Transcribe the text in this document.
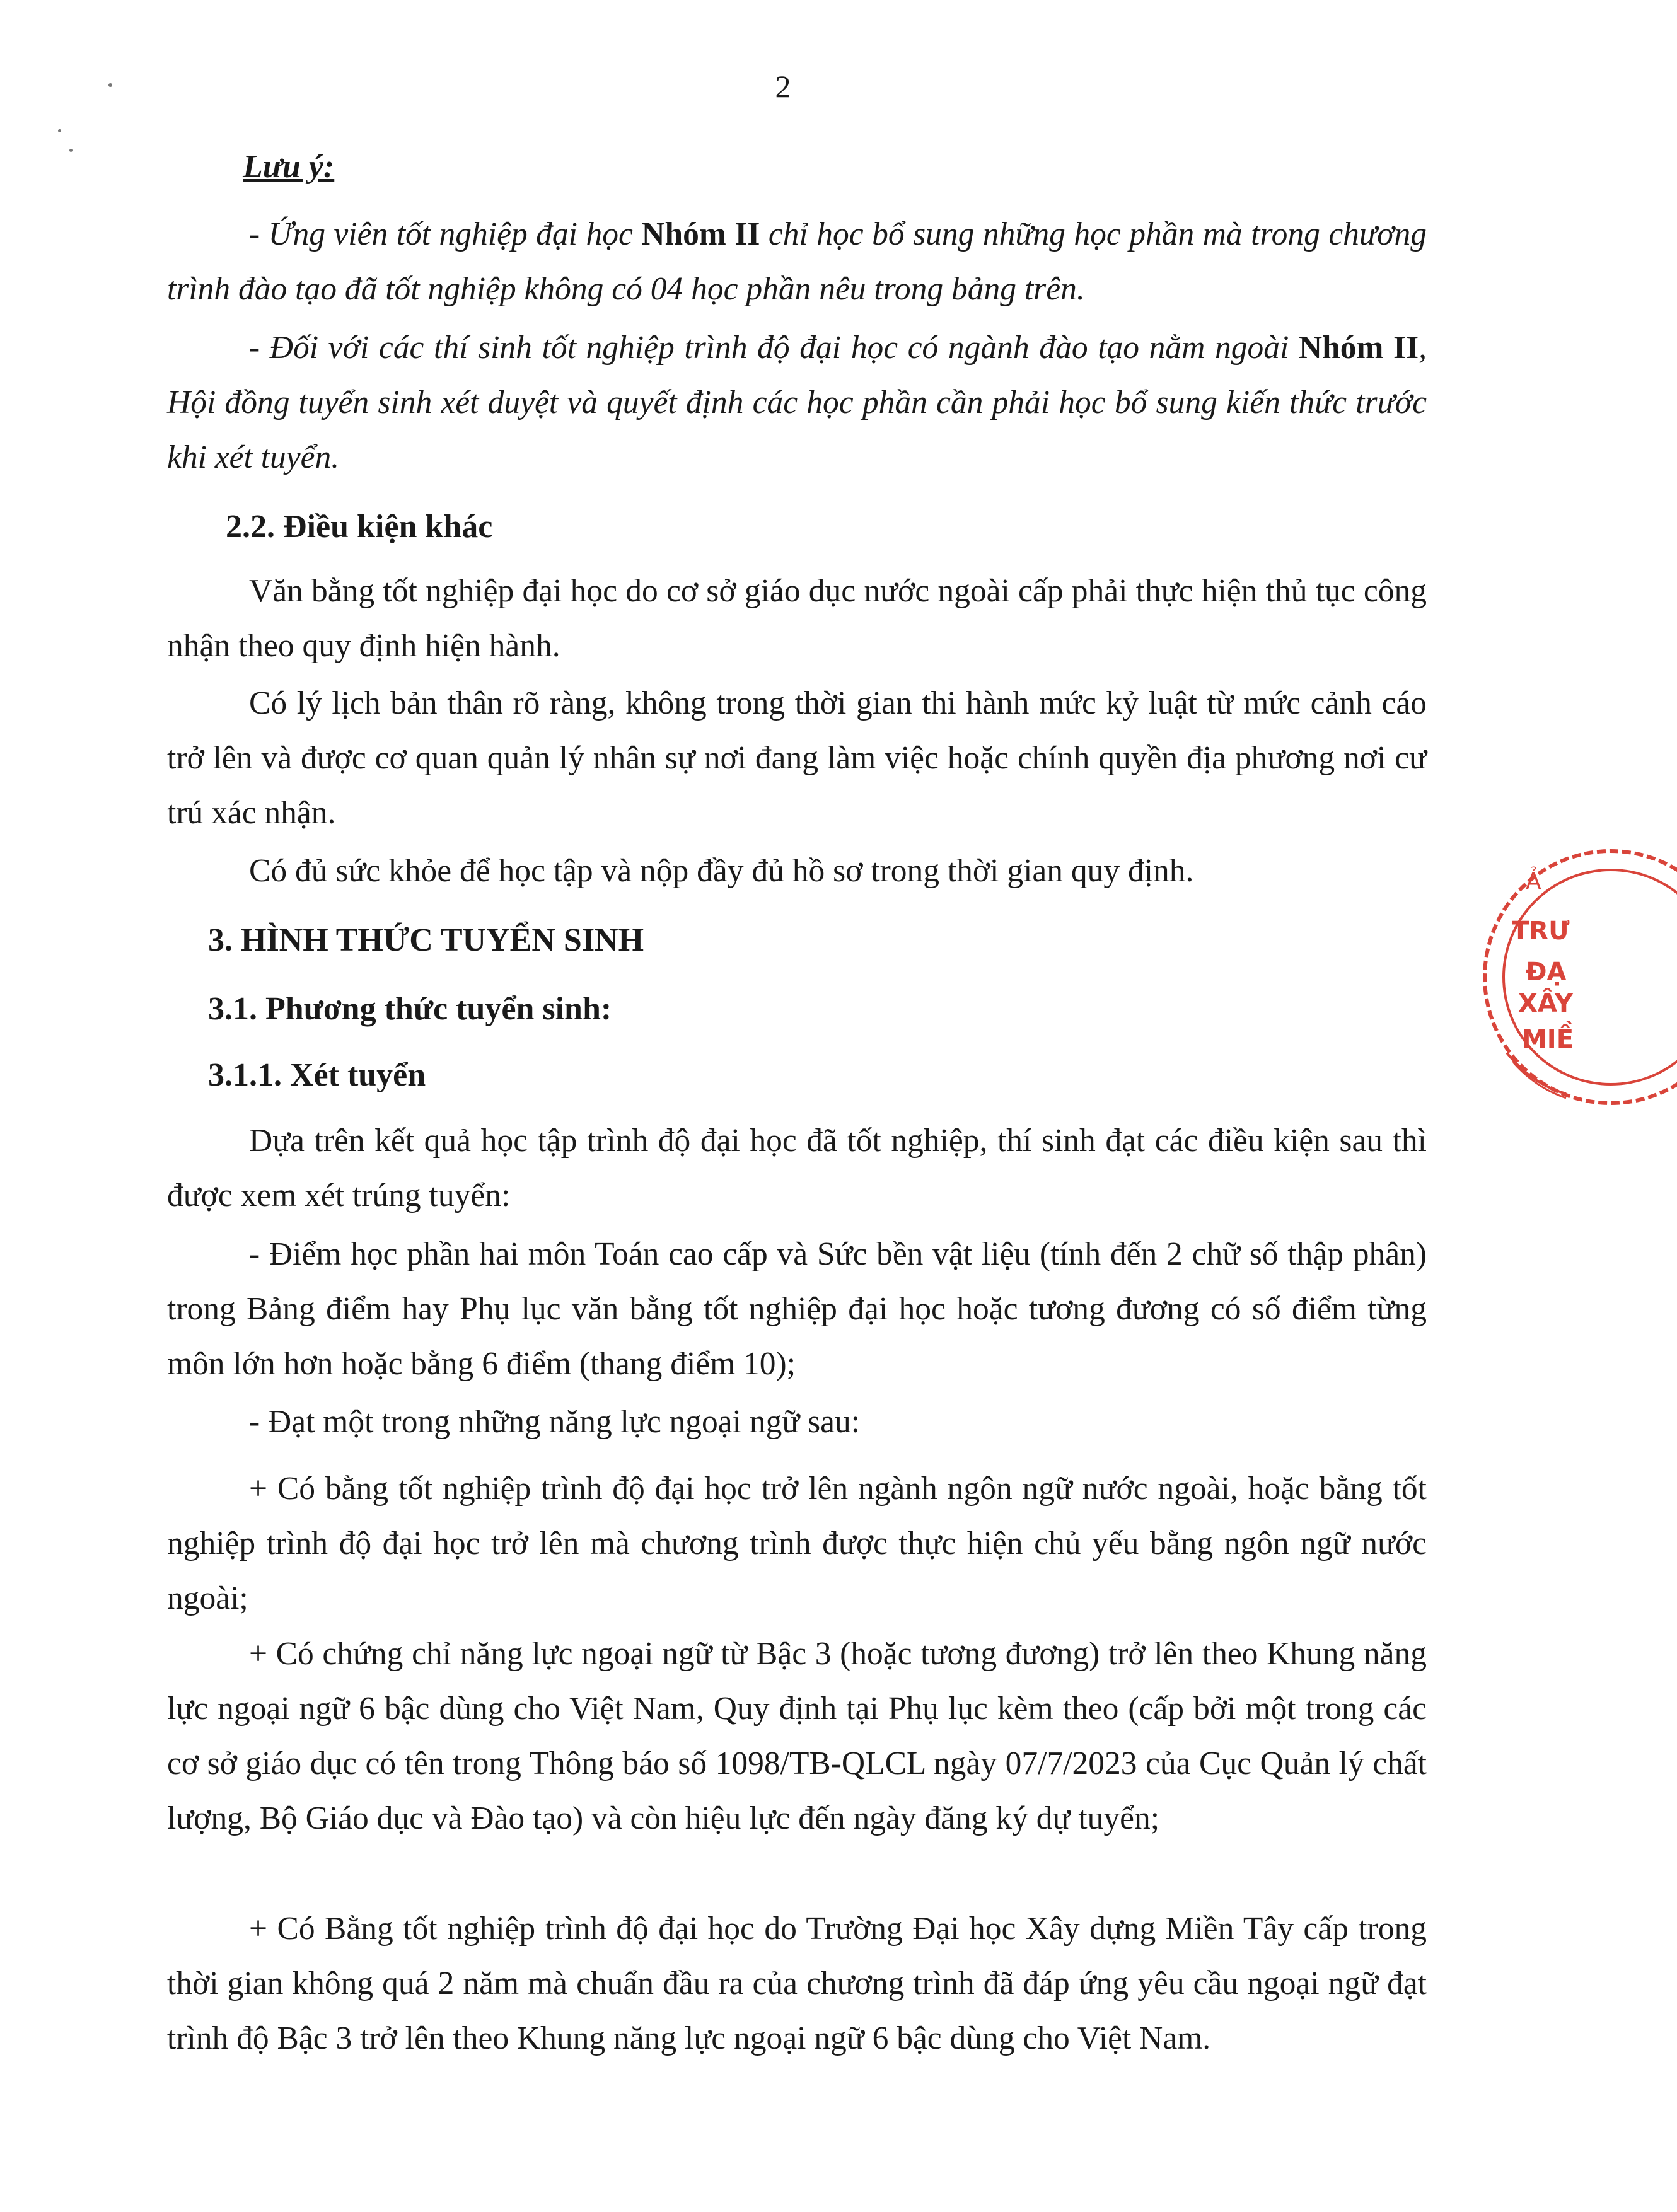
2

Lưu ý:

- Ứng viên tốt nghiệp đại học Nhóm II chỉ học bổ sung những học phần mà trong chương trình đào tạo đã tốt nghiệp không có 04 học phần nêu trong bảng trên.

- Đối với các thí sinh tốt nghiệp trình độ đại học có ngành đào tạo nằm ngoài Nhóm II, Hội đồng tuyển sinh xét duyệt và quyết định các học phần cần phải học bổ sung kiến thức trước khi xét tuyển.

2.2. Điều kiện khác

Văn bằng tốt nghiệp đại học do cơ sở giáo dục nước ngoài cấp phải thực hiện thủ tục công nhận theo quy định hiện hành.

Có lý lịch bản thân rõ ràng, không trong thời gian thi hành mức kỷ luật từ mức cảnh cáo trở lên và được cơ quan quản lý nhân sự nơi đang làm việc hoặc chính quyền địa phương nơi cư trú xác nhận.

Có đủ sức khỏe để học tập và nộp đầy đủ hồ sơ trong thời gian quy định.

3. HÌNH THỨC TUYỂN SINH

3.1. Phương thức tuyển sinh:

3.1.1. Xét tuyển

Dựa trên kết quả học tập trình độ đại học đã tốt nghiệp, thí sinh đạt các điều kiện sau thì được xem xét trúng tuyển:

- Điểm học phần hai môn Toán cao cấp và Sức bền vật liệu (tính đến 2 chữ số thập phân) trong Bảng điểm hay Phụ lục văn bằng tốt nghiệp đại học hoặc tương đương có số điểm từng môn lớn hơn hoặc bằng 6 điểm (thang điểm 10);

- Đạt một trong những năng lực ngoại ngữ sau:

+ Có bằng tốt nghiệp trình độ đại học trở lên ngành ngôn ngữ nước ngoài, hoặc bằng tốt nghiệp trình độ đại học trở lên mà chương trình được thực hiện chủ yếu bằng ngôn ngữ nước ngoài;

+ Có chứng chỉ năng lực ngoại ngữ từ Bậc 3 (hoặc tương đương) trở lên theo Khung năng lực ngoại ngữ 6 bậc dùng cho Việt Nam, Quy định tại Phụ lục kèm theo (cấp bởi một trong các cơ sở giáo dục có tên trong Thông báo số 1098/TB-QLCL ngày 07/7/2023 của Cục Quản lý chất lượng, Bộ Giáo dục và Đào tạo) và còn hiệu lực đến ngày đăng ký dự tuyển;

+ Có Bằng tốt nghiệp trình độ đại học do Trường Đại học Xây dựng Miền Tây cấp trong thời gian không quá 2 năm mà chuẩn đầu ra của chương trình đã đáp ứng yêu cầu ngoại ngữ đạt trình độ Bậc 3 trở lên theo Khung năng lực ngoại ngữ 6 bậc dùng cho Việt Nam.

Ả
TRƯ
ĐẠ
XÂY
MIỀ
